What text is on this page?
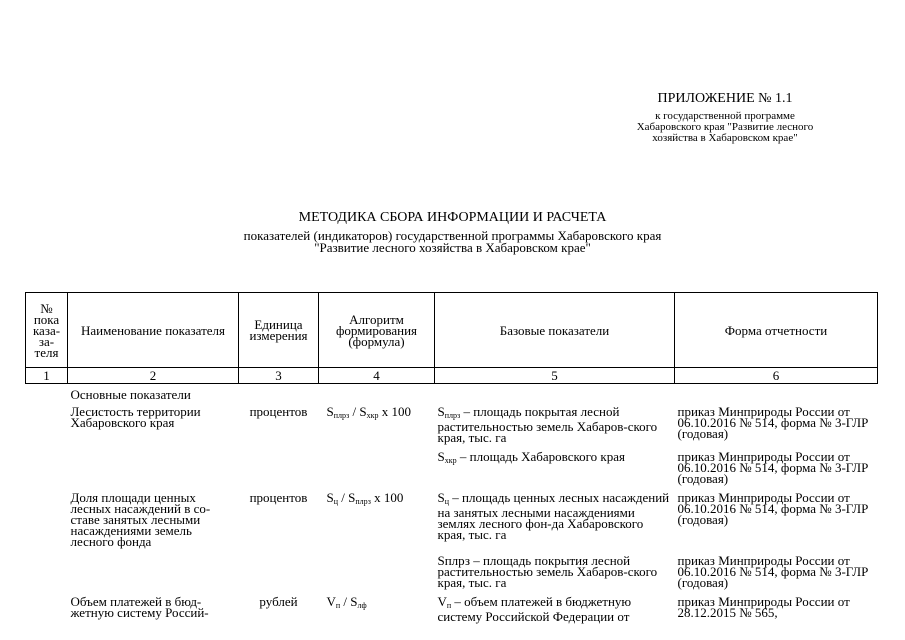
ПРИЛОЖЕНИЕ № 1.1
к государственной программе
Хабаровского края "Развитие лесного
хозяйства в Хабаровском крае"
МЕТОДИКА СБОРА ИНФОРМАЦИИ И РАСЧЕТА
показателей (индикаторов) государственной программы Хабаровского края
"Развитие лесного хозяйства в Хабаровском крае"
№ пока каза- за- теля	Наименование показателя	Единица измерения	Алгоритм формирования (формула)	Базовые показатели	Форма отчетности
1	2	3	4	5	6
	Основные показатели				
	Лесистость территории Хабаровского края	процентов	$S_{плрз} / S_{хкр}$ х 100	$S_{плрз}$ – площадь покрытая лесной растительностью земель Хабаров-ского края, тыс. га	приказ Минприроды России от 06.10.2016 № 514, форма № 3-ГЛР (годовая)
				$S_{хкр}$ – площадь Хабаровского края	приказ Минприроды России от 06.10.2016 № 514, форма № 3-ГЛР (годовая)
	Доля площади ценных лесных насаждений в со-ставе занятых лесными насаждениями земель лесного фонда	процентов	$S_ц / S_{плрз}$ х 100	$S_ц$ – площадь ценных лесных насаждений на занятых лесными насаждениями землях лесного фон-да Хабаровского края, тыс. га	приказ Минприроды России от 06.10.2016 № 514, форма № 3-ГЛР (годовая)
				Sплрз – площадь покрытия лесной растительностью земель Хабаров-ского края, тыс. га	приказ Минприроды России от 06.10.2016 № 514, форма № 3-ГЛР (годовая)
	Объем платежей в бюд-жетную систему Россий-	рублей	$V_п / S_{лф}$	$V_п$ – объем платежей в бюджетную систему Российской Федерации от	приказ Минприроды России от 28.12.2015 № 565,
